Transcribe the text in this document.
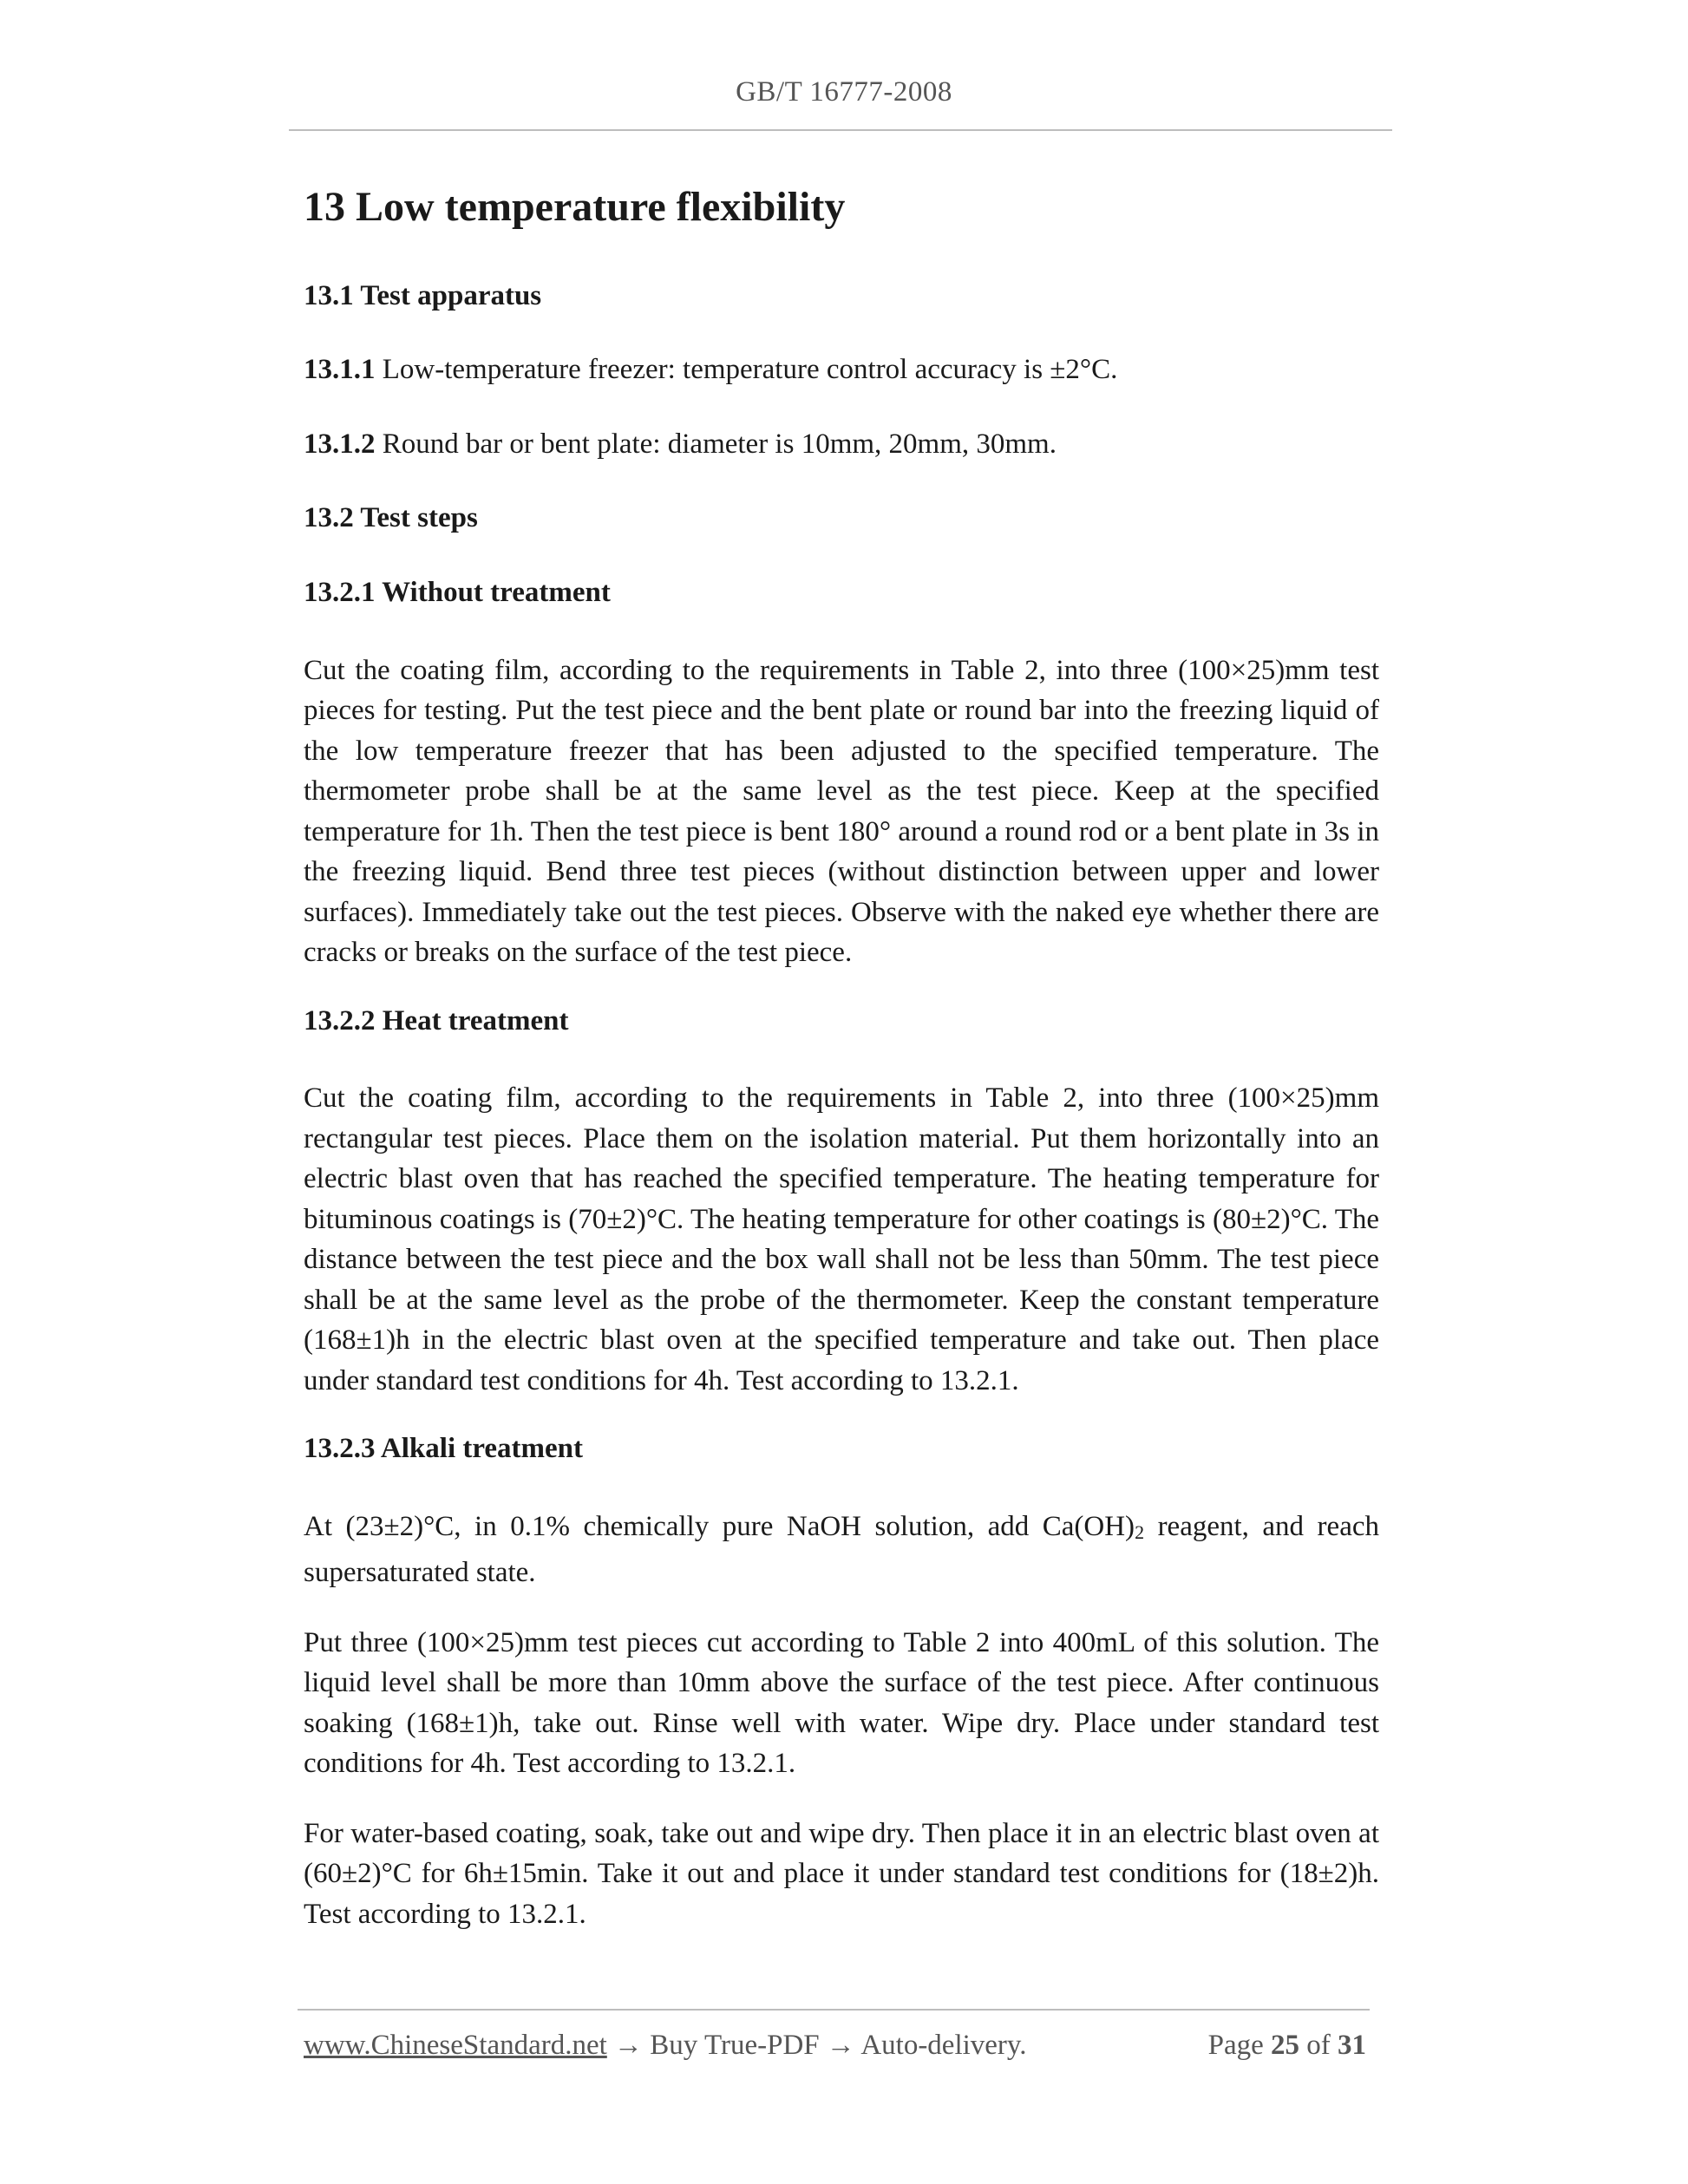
GB/T 16777-2008
13 Low temperature flexibility
13.1 Test apparatus
13.1.1 Low-temperature freezer: temperature control accuracy is ±2°C.
13.1.2 Round bar or bent plate: diameter is 10mm, 20mm, 30mm.
13.2 Test steps
13.2.1 Without treatment
Cut the coating film, according to the requirements in Table 2, into three (100×25)mm test pieces for testing. Put the test piece and the bent plate or round bar into the freezing liquid of the low temperature freezer that has been adjusted to the specified temperature. The thermometer probe shall be at the same level as the test piece. Keep at the specified temperature for 1h. Then the test piece is bent 180° around a round rod or a bent plate in 3s in the freezing liquid. Bend three test pieces (without distinction between upper and lower surfaces). Immediately take out the test pieces. Observe with the naked eye whether there are cracks or breaks on the surface of the test piece.
13.2.2 Heat treatment
Cut the coating film, according to the requirements in Table 2, into three (100×25)mm rectangular test pieces. Place them on the isolation material. Put them horizontally into an electric blast oven that has reached the specified temperature. The heating temperature for bituminous coatings is (70±2)°C. The heating temperature for other coatings is (80±2)°C. The distance between the test piece and the box wall shall not be less than 50mm. The test piece shall be at the same level as the probe of the thermometer. Keep the constant temperature (168±1)h in the electric blast oven at the specified temperature and take out. Then place under standard test conditions for 4h. Test according to 13.2.1.
13.2.3 Alkali treatment
At (23±2)°C, in 0.1% chemically pure NaOH solution, add $Ca(OH)_2$ reagent, and reach supersaturated state.
Put three (100×25)mm test pieces cut according to Table 2 into 400mL of this solution. The liquid level shall be more than 10mm above the surface of the test piece. After continuous soaking (168±1)h, take out. Rinse well with water. Wipe dry. Place under standard test conditions for 4h. Test according to 13.2.1.
For water-based coating, soak, take out and wipe dry. Then place it in an electric blast oven at (60±2)°C for 6h±15min. Take it out and place it under standard test conditions for (18±2)h. Test according to 13.2.1.
www.ChineseStandard.net → Buy True-PDF → Auto-delivery.	Page 25 of 31
